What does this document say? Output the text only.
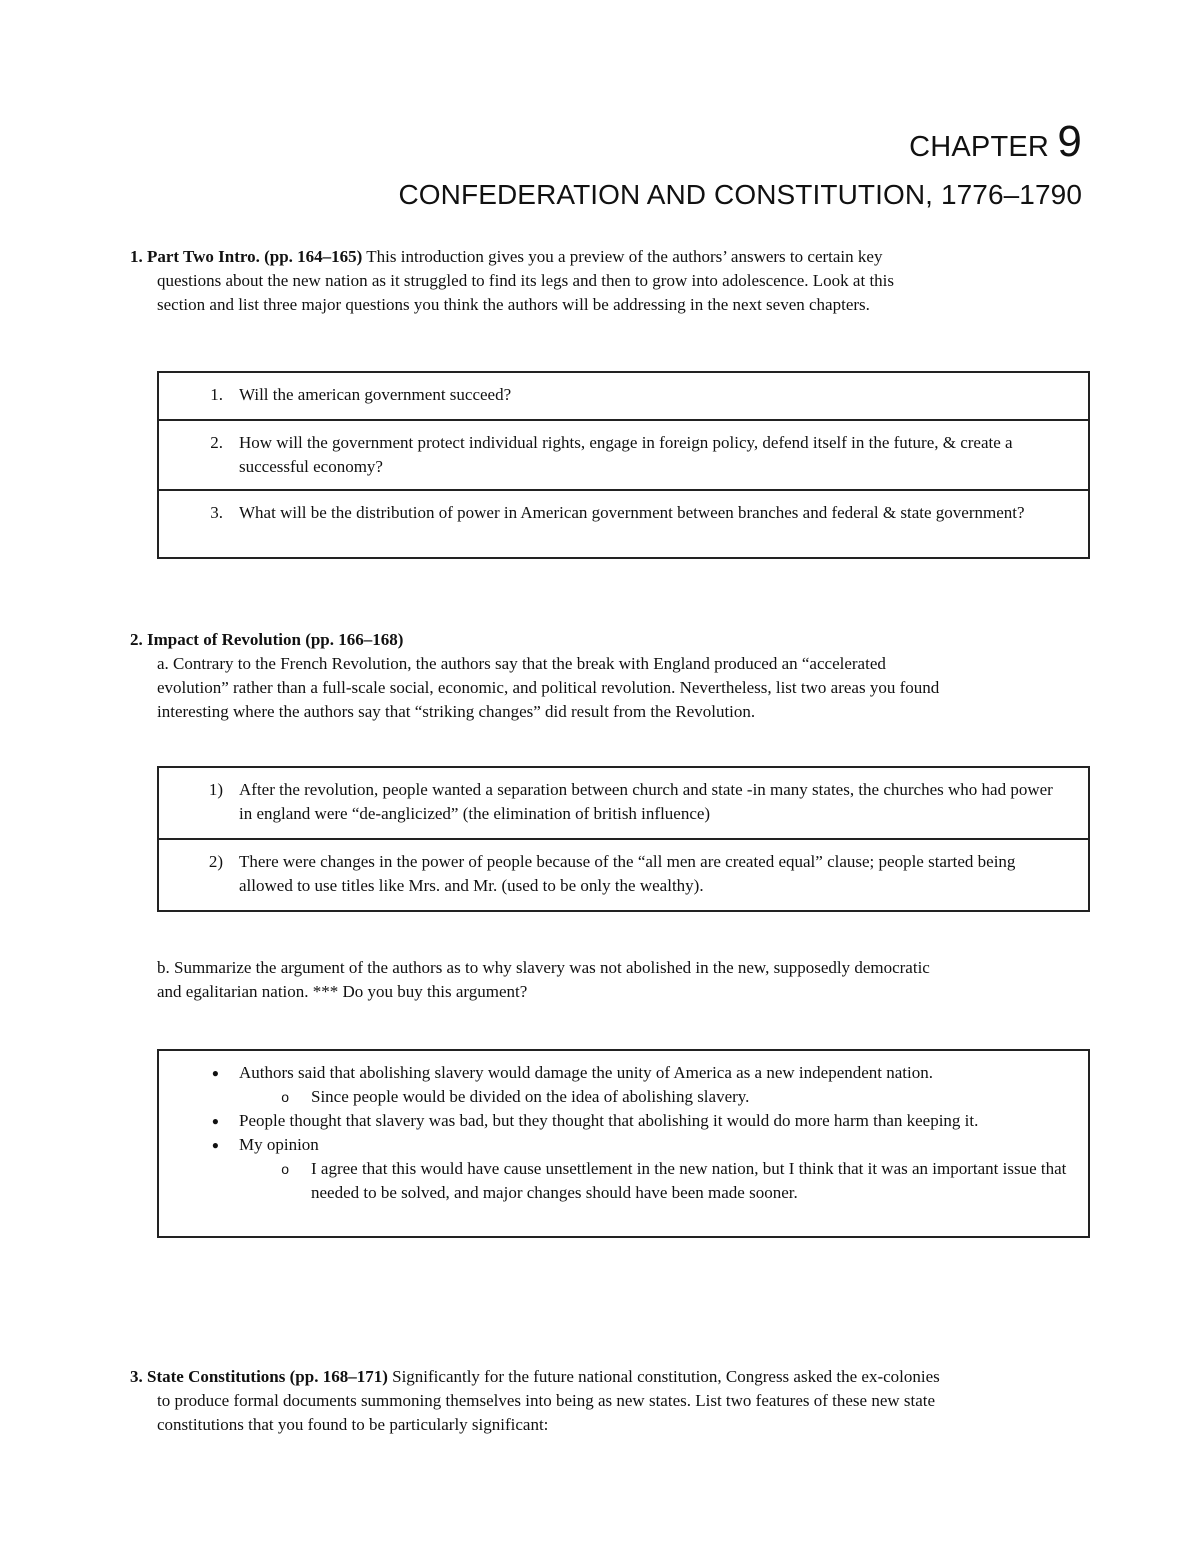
CHAPTER 9
CONFEDERATION AND CONSTITUTION, 1776–1790

1. Part Two Intro. (pp. 164–165) This introduction gives you a preview of the authors’ answers to certain key

questions about the new nation as it struggled to find its legs and then to grow into adolescence. Look at this
section and list three major questions you think the authors will be addressing in the next seven chapters.
1. Will the american government succeed?
2. How will the government protect individual rights, engage in foreign policy, defend itself in the future, & create a successful economy?
3. What will be the distribution of power in American government between branches and federal & state government?

2. Impact of Revolution (pp. 166–168)

a. Contrary to the French Revolution, the authors say that the break with England produced an “accelerated
evolution” rather than a full-scale social, economic, and political revolution. Nevertheless, list two areas you found
interesting where the authors say that “striking changes” did result from the Revolution.
1) After the revolution, people wanted a separation between church and state -in many states, the churches who had power in england were “de-anglicized” (the elimination of british influence)
2) There were changes in the power of people because of the “all men are created equal” clause; people started being allowed to use titles like Mrs. and Mr. (used to be only the wealthy).
b. Summarize the argument of the authors as to why slavery was not abolished in the new, supposedly democratic
and egalitarian nation. *** Do you buy this argument?
●	Authors said that abolishing slavery would damage the unity of America as a new independent nation.
o	Since people would be divided on the idea of abolishing slavery.
●	People thought that slavery was bad, but they thought that abolishing it would do more harm than keeping it.
●	My opinion
o	I agree that this would have cause unsettlement in the new nation, but I think that it was an important issue that needed to be solved, and major changes should have been made sooner.

3. State Constitutions (pp. 168–171) Significantly for the future national constitution, Congress asked the ex-colonies

to produce formal documents summoning themselves into being as new states. List two features of these new state
constitutions that you found to be particularly significant:
